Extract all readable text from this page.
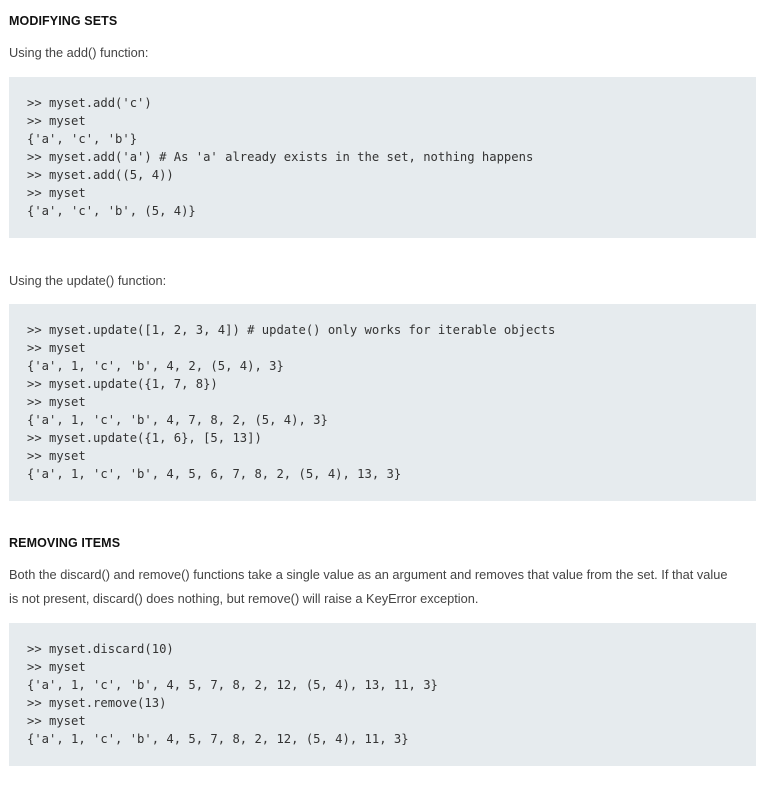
MODIFYING SETS
Using the add() function:
>> myset.add('c')
>> myset
{'a', 'c', 'b'}
>> myset.add('a') # As 'a' already exists in the set, nothing happens
>> myset.add((5, 4))
>> myset
{'a', 'c', 'b', (5, 4)}
Using the update() function:
>> myset.update([1, 2, 3, 4]) # update() only works for iterable objects
>> myset
{'a', 1, 'c', 'b', 4, 2, (5, 4), 3}
>> myset.update({1, 7, 8})
>> myset
{'a', 1, 'c', 'b', 4, 7, 8, 2, (5, 4), 3}
>> myset.update({1, 6}, [5, 13])
>> myset
{'a', 1, 'c', 'b', 4, 5, 6, 7, 8, 2, (5, 4), 13, 3}
REMOVING ITEMS
Both the discard() and remove() functions take a single value as an argument and removes that value from the set. If that value
is not present, discard() does nothing, but remove() will raise a KeyError exception.
>> myset.discard(10)
>> myset
{'a', 1, 'c', 'b', 4, 5, 7, 8, 2, 12, (5, 4), 13, 11, 3}
>> myset.remove(13)
>> myset
{'a', 1, 'c', 'b', 4, 5, 7, 8, 2, 12, (5, 4), 11, 3}
